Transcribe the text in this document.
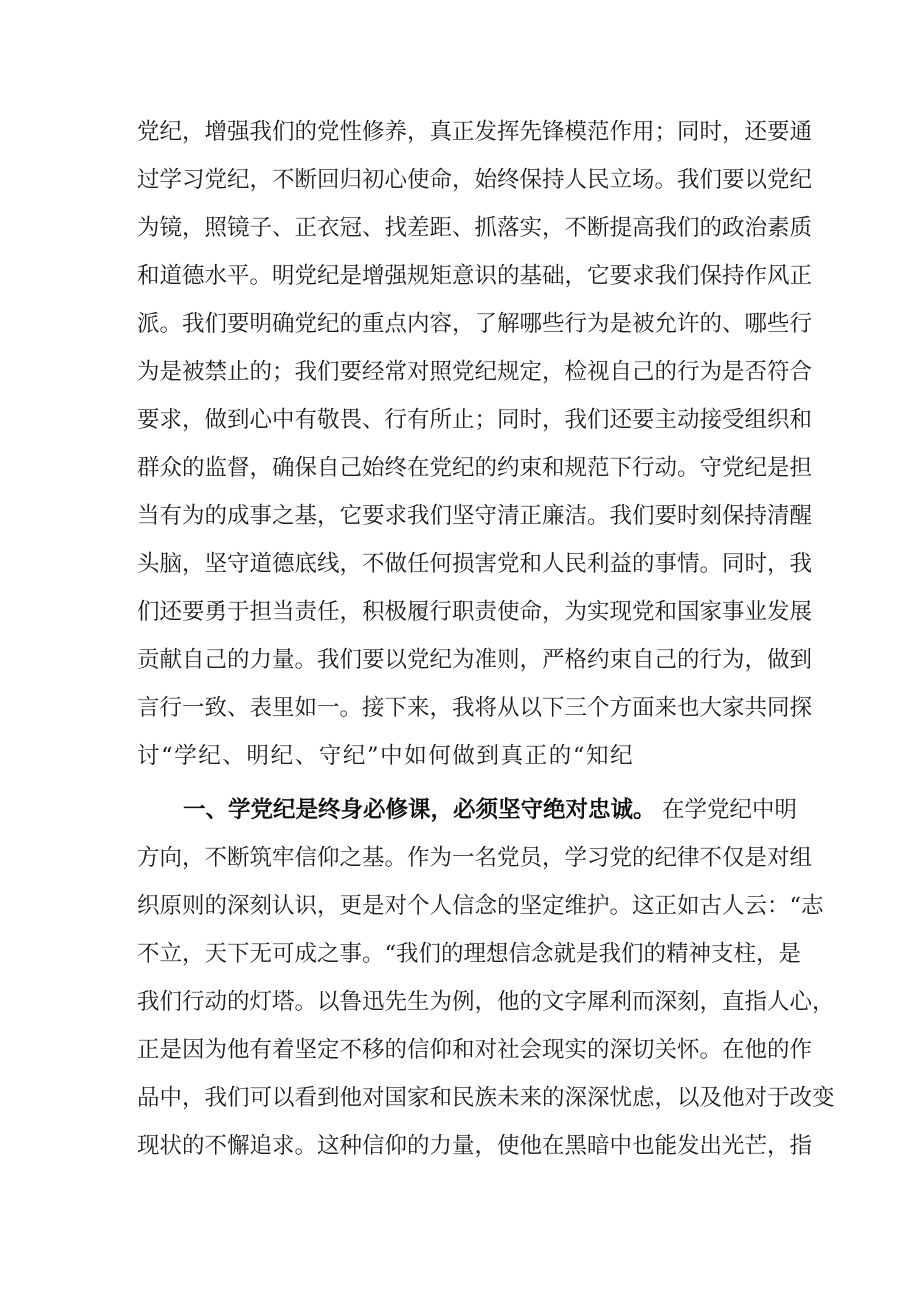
党纪，增强我们的党性修养，真正发挥先锋模范作用；同时，还要通
过学习党纪，不断回归初心使命，始终保持人民立场。我们要以党纪
为镜，照镜子、正衣冠、找差距、抓落实，不断提高我们的政治素质
和道德水平。明党纪是增强规矩意识的基础，它要求我们保持作风正
派。我们要明确党纪的重点内容，了解哪些行为是被允许的、哪些行
为是被禁止的；我们要经常对照党纪规定，检视自己的行为是否符合
要求，做到心中有敬畏、行有所止；同时，我们还要主动接受组织和
群众的监督，确保自己始终在党纪的约束和规范下行动。守党纪是担
当有为的成事之基，它要求我们坚守清正廉洁。我们要时刻保持清醒
头脑，坚守道德底线，不做任何损害党和人民利益的事情。同时，我
们还要勇于担当责任，积极履行职责使命，为实现党和国家事业发展
贡献自己的力量。我们要以党纪为准则，严格约束自己的行为，做到
言行一致、表里如一。接下来，我将从以下三个方面来也大家共同探
讨“学纪、明纪、守纪”中如何做到真正的“知纪
一、学党纪是终身必修课，必须坚守绝对忠诚。 在学党纪中明
方向，不断筑牢信仰之基。作为一名党员，学习党的纪律不仅是对组
织原则的深刻认识，更是对个人信念的坚定维护。这正如古人云：“志
不立，天下无可成之事。“我们的理想信念就是我们的精神支柱，是
我们行动的灯塔。以鲁迅先生为例，他的文字犀利而深刻，直指人心，
正是因为他有着坚定不移的信仰和对社会现实的深切关怀。在他的作
品中，我们可以看到他对国家和民族未来的深深忧虑，以及他对于改变
现状的不懈追求。这种信仰的力量，使他在黑暗中也能发出光芒，指
